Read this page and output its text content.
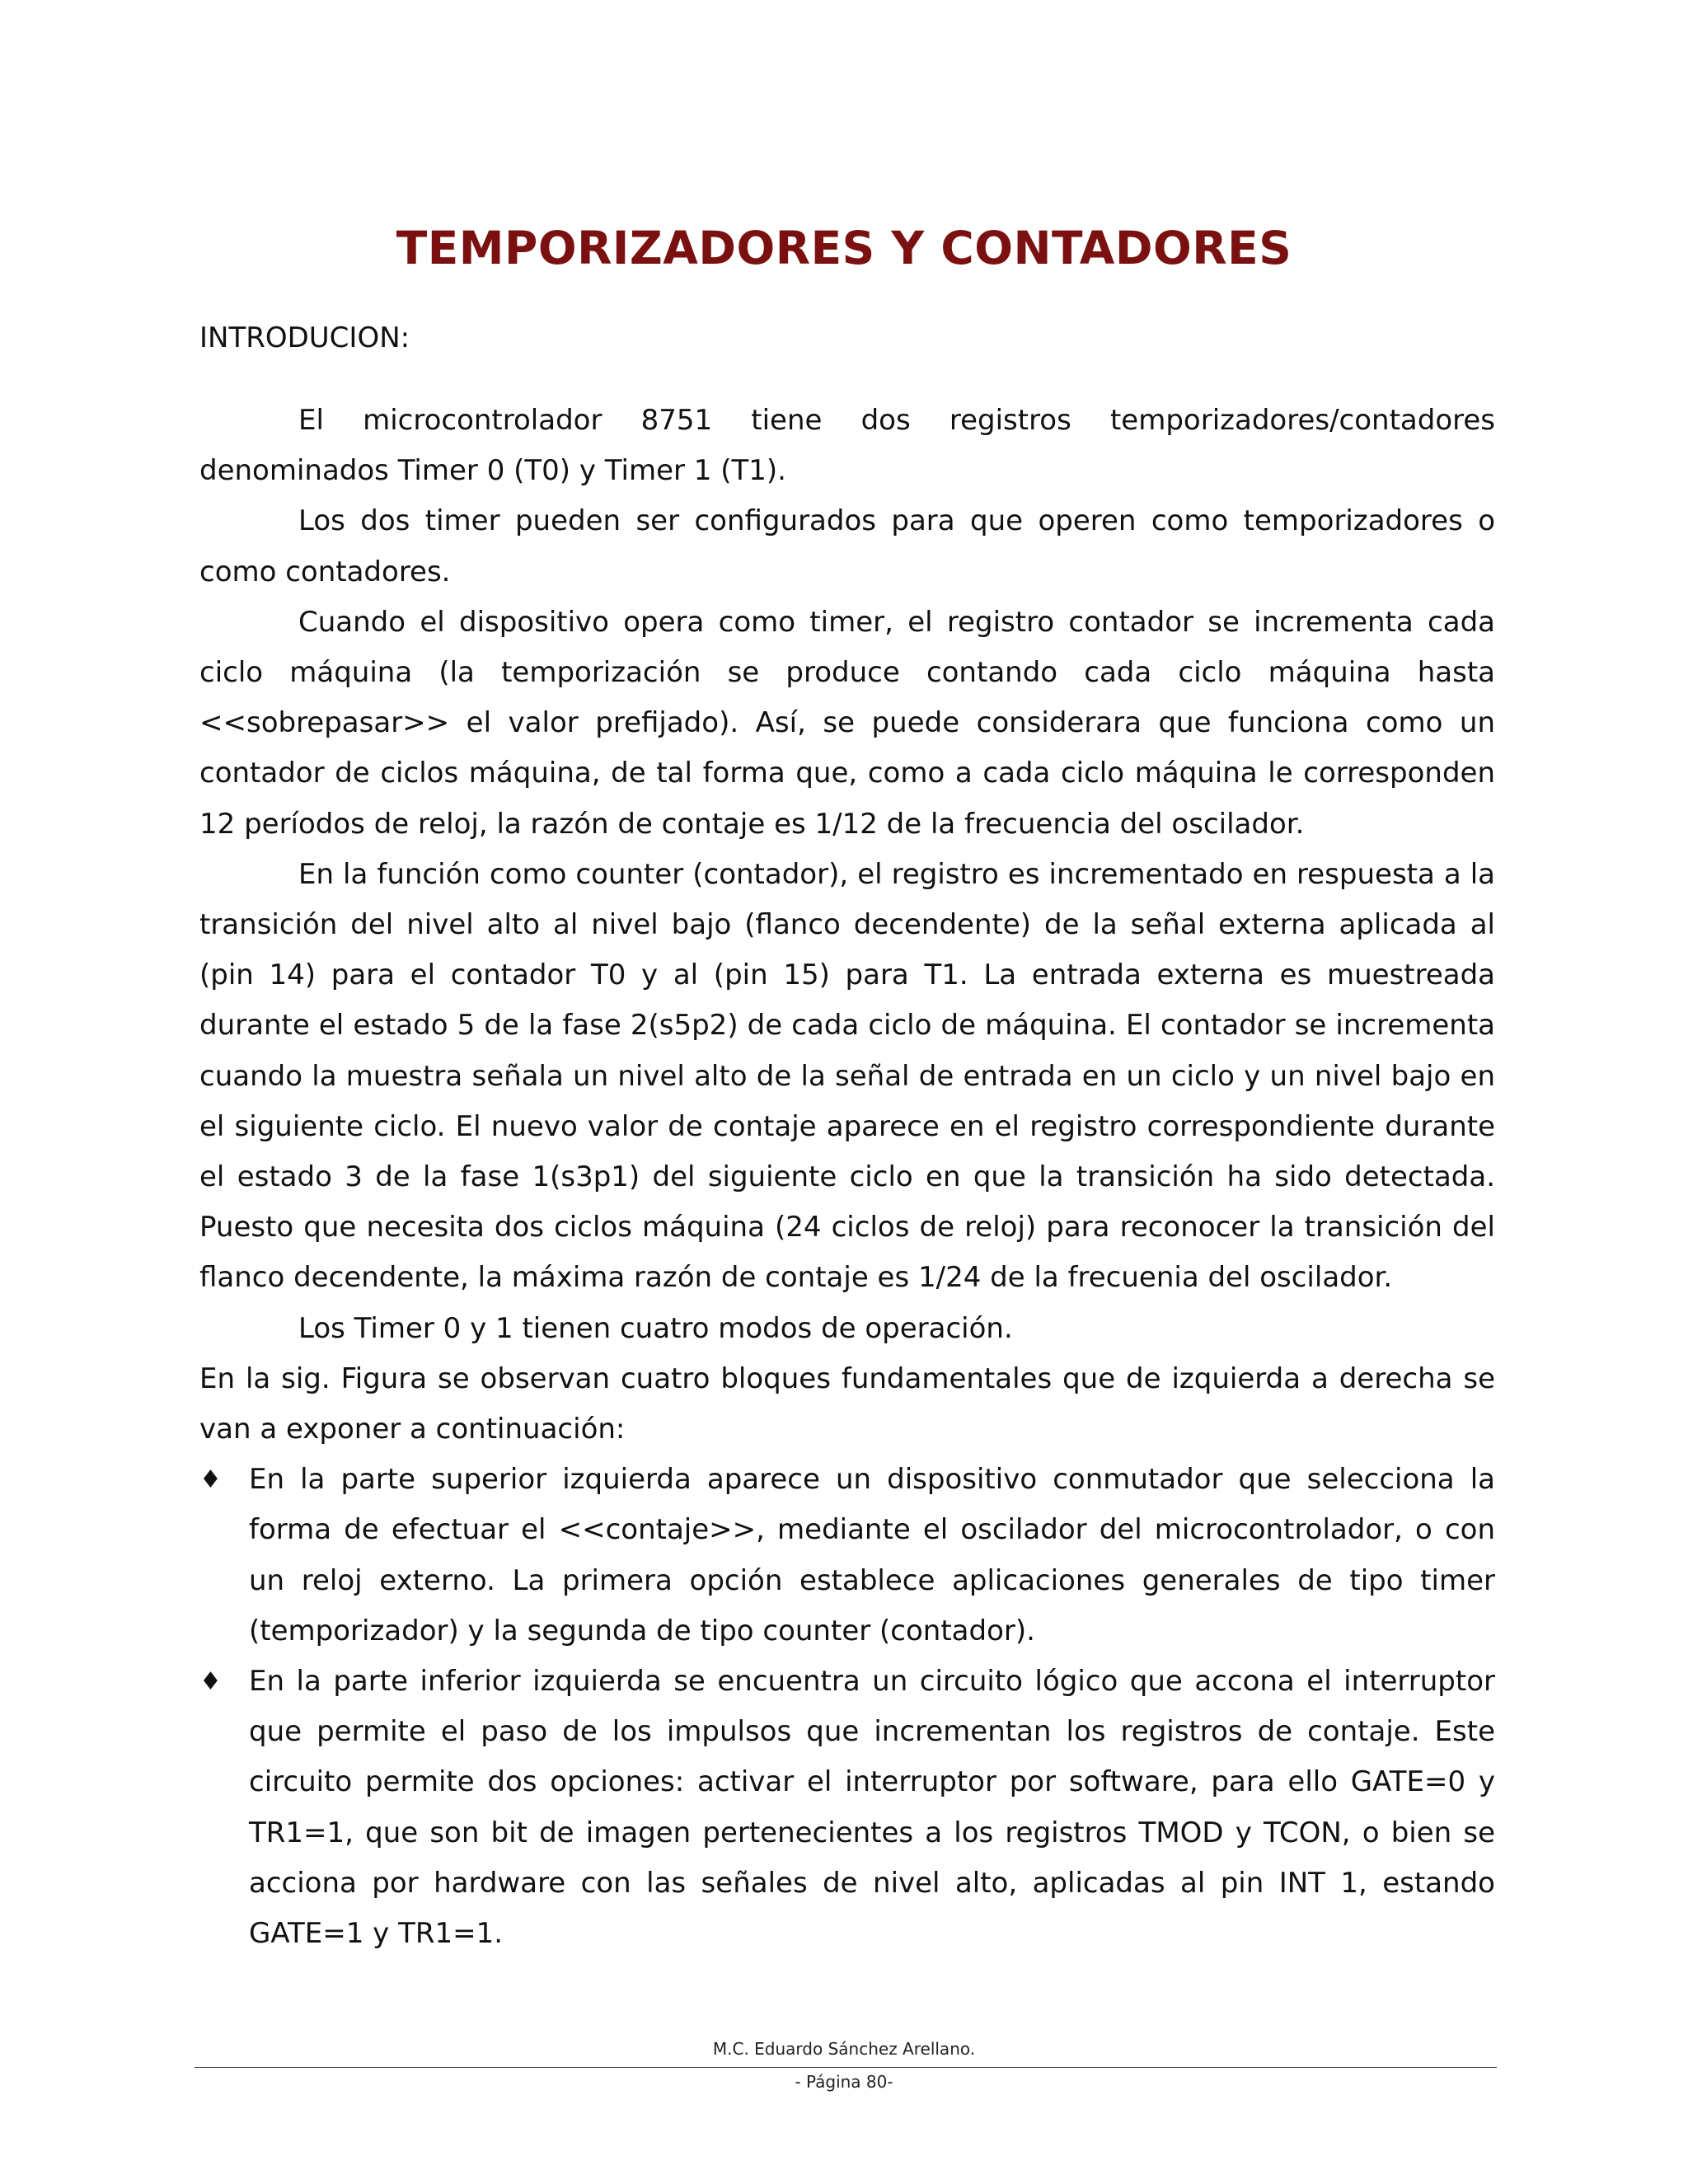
TEMPORIZADORES Y CONTADORES
INTRODUCION:

El microcontrolador 8751 tiene dos registros temporizadores/contadores denominados Timer 0 (T0) y Timer 1 (T1).

Los dos timer pueden ser configurados para que operen como temporizadores o como contadores.

Cuando el dispositivo opera como timer, el registro contador se incrementa cada ciclo máquina (la temporización se produce contando cada ciclo máquina hasta <<sobrepasar>> el valor prefijado). Así, se puede considerara que funciona como un contador de ciclos máquina, de tal forma que, como a cada ciclo máquina le corresponden 12 períodos de reloj, la razón de contaje es 1/12 de la frecuencia del oscilador.

En la función como counter (contador), el registro es incrementado en respuesta a la transición del nivel alto al nivel bajo (flanco decendente) de la señal externa aplicada al (pin 14) para el contador T0 y al (pin 15) para T1. La entrada externa es muestreada durante el estado 5 de la fase 2(s5p2) de cada ciclo de máquina. El contador se incrementa cuando la muestra señala un nivel alto de la señal de entrada en un ciclo y un nivel bajo en el siguiente ciclo. El nuevo valor de contaje aparece en el registro correspondiente durante el estado 3 de la fase 1(s3p1) del siguiente ciclo en que la transición ha sido detectada. Puesto que necesita dos ciclos máquina (24 ciclos de reloj) para reconocer la transición del flanco decendente, la máxima razón de contaje es 1/24 de la frecuenia del oscilador.

Los Timer 0 y 1 tienen cuatro modos de operación.

En la sig. Figura se observan cuatro bloques fundamentales que de izquierda a derecha se van a exponer a continuación:

♦ En la parte superior izquierda aparece un dispositivo conmutador que selecciona la forma de efectuar el <<contaje>>, mediante el oscilador del microcontrolador, o con un reloj externo. La primera opción establece aplicaciones generales de tipo timer (temporizador) y la segunda de tipo counter (contador).
♦ En la parte inferior izquierda se encuentra un circuito lógico que accona el interruptor que permite el paso de los impulsos que incrementan los registros de contaje. Este circuito permite dos opciones: activar el interruptor por software, para ello GATE=0 y TR1=1, que son bit de imagen pertenecientes a los registros TMOD y TCON, o bien se acciona por hardware con las señales de nivel alto, aplicadas al pin INT 1, estando GATE=1 y TR1=1.
M.C. Eduardo Sánchez Arellano.
- Página 80-
